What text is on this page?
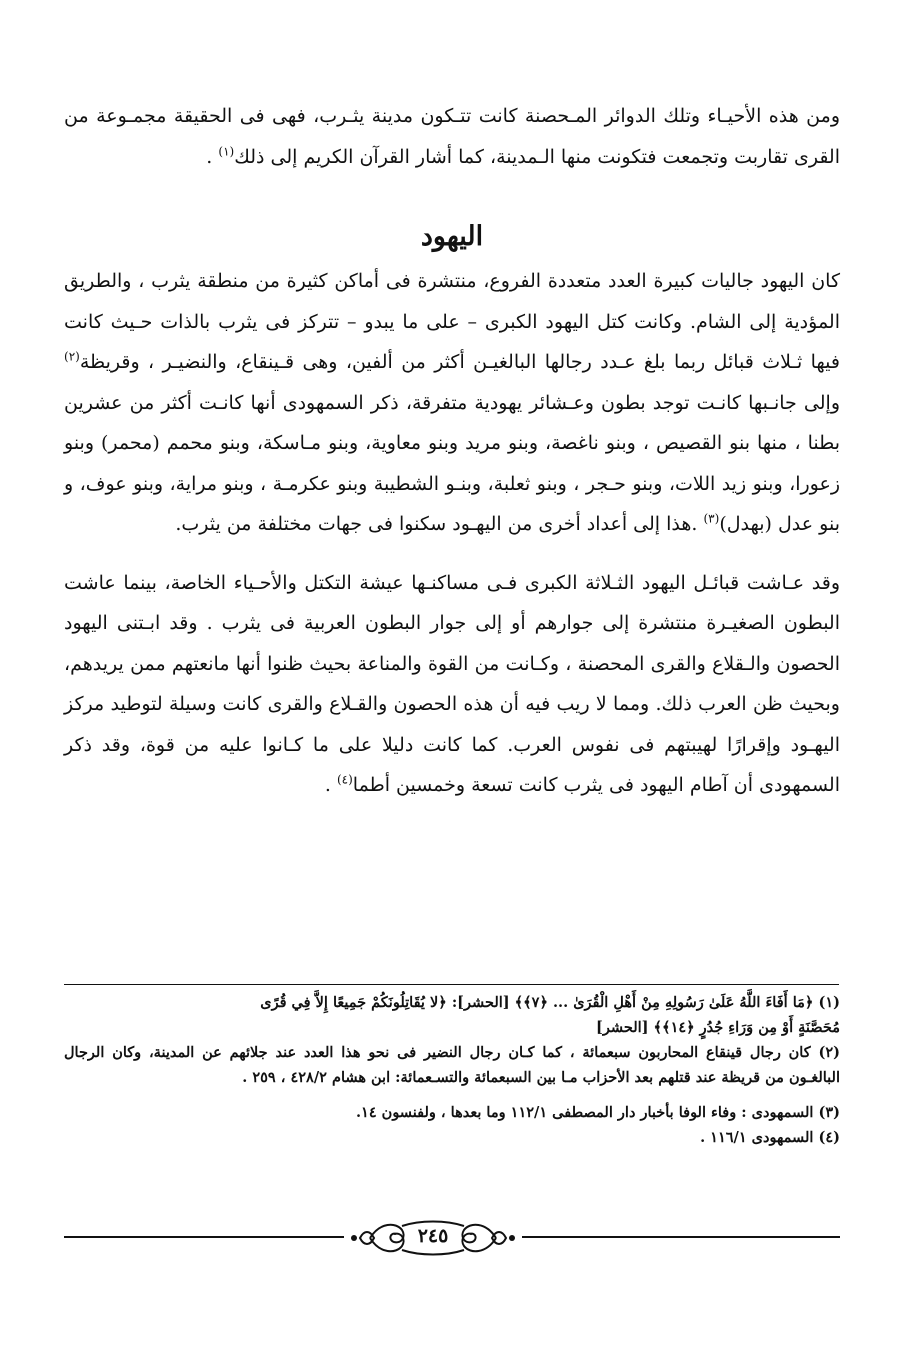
ومن هذه الأحيـاء وتلك الدوائر المـحصنة كانت تتـكون مدينة يثـرب، فهى فى الحقيقة مجمـوعة من القرى تقاربت وتجمعت فتكونت منها الـمدينة، كما أشار القرآن الكريم إلى ذلك$^{(١)}$ .

اليهود

كان اليهود جاليات كبيرة العدد متعددة الفروع، منتشرة فى أماكن كثيرة من منطقة يثرب ، والطريق المؤدية إلى الشام. وكانت كتل اليهود الكبرى – على ما يبدو – تتركز فى يثرب بالذات حـيث كانت فيها ثـلاث قبائل ربما بلغ عـدد رجالها البالغيـن أكثر من ألفين، وهى قـينقاع، والنضيـر ، وقريظة$^{(٢)}$ وإلى جانـبها كانـت توجد بطون وعـشائر يهودية متفرقة، ذكر السمهودى أنها كانـت أكثر من عشرين بطنا ، منها بنو القصيص ، وبنو ناغصة، وبنو مريد وبنو معاوية، وبنو مـاسكة، وبنو محمم (محمر) وبنو زعورا، وبنو زيد اللات، وبنو حـجر ، وبنو ثعلبة، وبنـو الشطيبة وبنو عكرمـة ، وبنو مراية، وبنو عوف، و بنو عدل (بهدل)$^{(٣)}$ .هذا إلى أعداد أخرى من اليهـود سكنوا فى جهات مختلفة من يثرب.

وقد عـاشت قبائـل اليهود الثـلاثة الكبرى فـى مساكنـها عيشة التكتل والأحـياء الخاصة، بينما عاشت البطون الصغيـرة منتشرة إلى جوارهم أو إلى جوار البطون العربية فى يثرب . وقد ابـتنى اليهود الحصون والـقلاع والقرى المحصنة ، وكـانت من القوة والمناعة بحيث ظنوا أنها مانعتهم ممن يريدهم، وبحيث ظن العرب ذلك. ومما لا ريب فيه أن هذه الحصون والقـلاع والقرى كانت وسيلة لتوطيد مركز اليهـود وإقرارًا لهيبتهم فى نفوس العرب. كما كانت دليلا على ما كـانوا عليه من قوة، وقد ذكر السمهودى أن آطام اليهود فى يثرب كانت تسعة وخمسين أطما$^{(٤)}$ .

(١) ﴿مَا أَفَاءَ اللَّهُ عَلَىٰ رَسُولِهِ مِنْ أَهْلِ الْقُرَىٰ ... ﴿٧﴾﴾ [الحشر]: ﴿لا يُقَاتِلُونَكُمْ جَمِيعًا إِلاَّ فِي قُرًى
مُحَصَّنَةٍ أَوْ مِن وَرَاءِ جُدُرٍ ﴿١٤﴾﴾ [الحشر]

(٢) كان رجال قينقاع المحاربون سبعمائة ، كما كـان رجال النضير فى نحو هذا العدد عند جلائهم عن المدينة، وكان الرجال البالغـون من قريظة عند قتلهم بعد الأحزاب مـا بين السبعمائة والتسـعمائة: ابن هشام ٤٢٨/٢ ، ٢٥٩ .

(٣) السمهودى : وفاء الوفا بأخبار دار المصطفى ١١٢/١ وما بعدها ، ولفنسون ١٤.

(٤) السمهودى ١١٦/١ .

٢٤٥
